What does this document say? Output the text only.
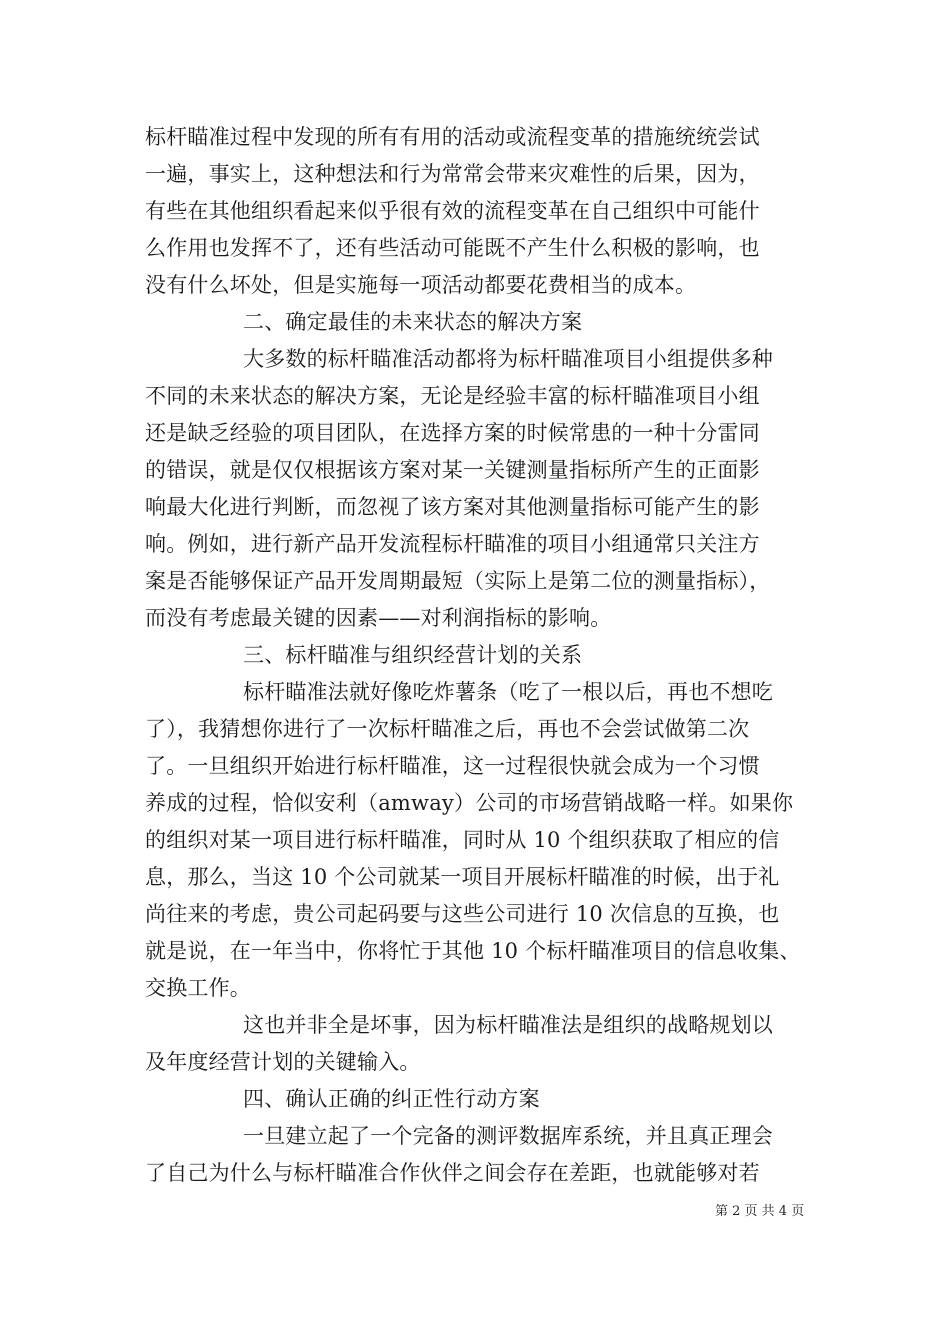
标杆瞄准过程中发现的所有有用的活动或流程变革的措施统统尝试
一遍，事实上，这种想法和行为常常会带来灾难性的后果，因为，
有些在其他组织看起来似乎很有效的流程变革在自己组织中可能什
么作用也发挥不了，还有些活动可能既不产生什么积极的影响，也
没有什么坏处，但是实施每一项活动都要花费相当的成本。
二、确定最佳的未来状态的解决方案
大多数的标杆瞄准活动都将为标杆瞄准项目小组提供多种
不同的未来状态的解决方案，无论是经验丰富的标杆瞄准项目小组
还是缺乏经验的项目团队，在选择方案的时候常患的一种十分雷同
的错误，就是仅仅根据该方案对某一关键测量指标所产生的正面影
响最大化进行判断，而忽视了该方案对其他测量指标可能产生的影
响。例如，进行新产品开发流程标杆瞄准的项目小组通常只关注方
案是否能够保证产品开发周期最短（实际上是第二位的测量指标），
而没有考虑最关键的因素——对利润指标的影响。
三、标杆瞄准与组织经营计划的关系
标杆瞄准法就好像吃炸薯条（吃了一根以后，再也不想吃
了），我猜想你进行了一次标杆瞄准之后，再也不会尝试做第二次
了。一旦组织开始进行标杆瞄准，这一过程很快就会成为一个习惯
养成的过程，恰似安利（amway）公司的市场营销战略一样。如果你
的组织对某一项目进行标杆瞄准，同时从 10 个组织获取了相应的信
息，那么，当这 10 个公司就某一项目开展标杆瞄准的时候，出于礼
尚往来的考虑，贵公司起码要与这些公司进行 10 次信息的互换，也
就是说，在一年当中，你将忙于其他 10 个标杆瞄准项目的信息收集、
交换工作。
这也并非全是坏事，因为标杆瞄准法是组织的战略规划以
及年度经营计划的关键输入。
四、确认正确的纠正性行动方案
一旦建立起了一个完备的测评数据库系统，并且真正理会
了自己为什么与标杆瞄准合作伙伴之间会存在差距，也就能够对若
第 2 页 共 4 页
